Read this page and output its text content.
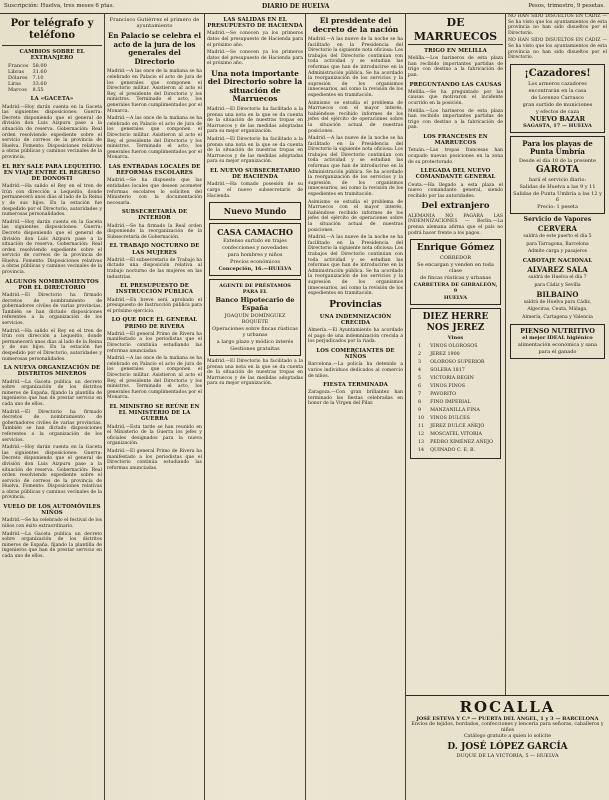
Suscripción: Huelva, tres meses 6 ptas.	DIARIO DE HUELVA	Pesos, trimestre, 9 pesetas.
Por telégrafo y teléfono
CAMBIOS SOBRE EL EXTRANJERO
Francos	58.00
Libras	31.60
Dólares	7.10
Liras	33.60
Marcos	8.55
LA «GACETA»

Madrid.—Hoy darán cuenta en la Gaceta las siguientes disposiciones: Guerra: Decreto disponiendo que el general de división don Luis Aizpuru pase a la situación de reserva. Gobernación: Real orden resolviendo expediente sobre el servicio de correos de la provincia de Huelva. Fomento: Disposiciones relativas a obras públicas y caminos vecinales de la provincia.

EL REY SALE PARA LEQUEITIO. EN VIAJE ENTRE EL REGRESO DE DONOSTI

Madrid.—Ha salido el Rey en el tren de Irún con dirección a Lequeitio, donde permanecerá unos días al lado de la Reina y de sus hijos. En la estación fue despedido por el Directorio, autoridades y numerosas personalidades.

Madrid.—Hoy darán cuenta en la Gaceta las siguientes disposiciones: Guerra: Decreto disponiendo que el general de división don Luis Aizpuru pase a la situación de reserva. Gobernación: Real orden resolviendo expediente sobre el servicio de correos de la provincia de Huelva. Fomento: Disposiciones relativas a obras públicas y caminos vecinales de la provincia.

ALGUNOS NOMBRAMIENTOS POR EL DIRECTORIO

Madrid.—El Directorio ha firmado decretos de nombramiento de gobernadores civiles de varias provincias. También se han dictado disposiciones referentes a la organización de los servicios.

Madrid.—Ha salido el Rey en el tren de Irún con dirección a Lequeitio, donde permanecerá unos días al lado de la Reina y de sus hijos. En la estación fue despedido por el Directorio, autoridades y numerosas personalidades.

LA NUEVA ORGANIZACIÓN DE DISTRITOS MINEROS

Madrid.—La Gaceta publica un decreto sobre organización de los distritos mineros de España, fijando la plantilla de ingenieros que han de prestar servicio en cada uno de ellos.

Madrid.—El Directorio ha firmado decretos de nombramiento de gobernadores civiles de varias provincias. También se han dictado disposiciones referentes a la organización de los servicios.

Madrid.—Hoy darán cuenta en la Gaceta las siguientes disposiciones: Guerra: Decreto disponiendo que el general de división don Luis Aizpuru pase a la situación de reserva. Gobernación: Real orden resolviendo expediente sobre el servicio de correos de la provincia de Huelva. Fomento: Disposiciones relativas a obras públicas y caminos vecinales de la provincia.

VUELO DE LOS AUTOMÓVILES NIÑOS

Madrid.—Se ha celebrado el festival de los niños con éxito extraordinario.

Madrid.—La Gaceta publica un decreto sobre organización de los distritos mineros de España, fijando la plantilla de ingenieros que han de prestar servicio en cada uno de ellos.

Francisco Gutiérrez el primero de ayuntamiento
En Palacio se celebra el acto de la jura de los generales del Directorio

Madrid.—A las once de la mañana se ha celebrado en Palacio el acto de jura de los generales que componen el Directorio militar. Asistieron al acto el Rey, el presidente del Directorio y los ministros. Terminado el acto, los generales fueron cumplimentados por el Monarca.

Madrid.—A las once de la mañana se ha celebrado en Palacio el acto de jura de los generales que componen el Directorio militar. Asistieron al acto el Rey, el presidente del Directorio y los ministros. Terminado el acto, los generales fueron cumplimentados por el Monarca.

LAS ENTRADAS LOCALES DE REFORMAS ESCOLARES

Madrid.—Se ha dispuesto que las entidades locales que deseen acometer reformas escolares lo soliciten del Ministerio con la documentación necesaria.

SUBSECRETARÍA DE INTERIOR

Madrid.—Se ha firmado la Real orden disponiendo la reorganización de la Subsecretaría de Gobernación.

EL TRABAJO NOCTURNO DE LAS MUJERES

Madrid.—El subsecretario de Trabajo ha dictado una disposición relativa al trabajo nocturno de las mujeres en las industrias.

EL PRESUPUESTO DE INSTRUCCIÓN PÚBLICA

Madrid.—En breve será aprobado el presupuesto de Instrucción pública para el próximo ejercicio.

LO QUE DICE EL GENERAL PRIMO DE RIVERA

Madrid.—El general Primo de Rivera ha manifestado a los periodistas que el Directorio continúa estudiando las reformas anunciadas.

Madrid.—A las once de la mañana se ha celebrado en Palacio el acto de jura de los generales que componen el Directorio militar. Asistieron al acto el Rey, el presidente del Directorio y los ministros. Terminado el acto, los generales fueron cumplimentados por el Monarca.

EL MINISTRO SE REÚNE EN EL MINISTERIO DE LA GUERRA

Madrid.—Esta tarde se han reunido en el Ministerio de la Guerra los jefes y oficiales designados para la nueva organización.

Madrid.—El general Primo de Rivera ha manifestado a los periodistas que el Directorio continúa estudiando las reformas anunciadas.

LAS SALIDAS EN EL PRESUPUESTO DE HACIENDA

Madrid.—Se conocen ya los primeros datos del presupuesto de Hacienda para el próximo año.

Madrid.—Se conocen ya los primeros datos del presupuesto de Hacienda para el próximo año.

Una nota importante del Directorio sobre la situación de Marruecos

Madrid.—El Directorio ha facilitado a la prensa una nota en la que se da cuenta de la situación de nuestras tropas en Marruecos y de las medidas adoptadas para su mejor organización.

Madrid.—El Directorio ha facilitado a la prensa una nota en la que se da cuenta de la situación de nuestras tropas en Marruecos y de las medidas adoptadas para su mejor organización.

EL NUEVO SUBSECRETARIO DE HACIENDA

Madrid.—Ha tomado posesión de su cargo el nuevo subsecretario de Hacienda.

Nuevo Mundo
CASA CAMACHO
Extenso surtido en trajes
confecciones y novedades
para hombres y niños
Precios económicos
Concepción, 16.—HUELVA
AGENTE DE PRÉSTAMOS PARA EL
Banco Hipotecario de España
JOAQUÍN DOMÍNGUEZ ROQUETE
Operaciones sobre fincas rústicas y urbanas
a largo plazo y módico interés
Gestiones gratuitas

Madrid.—El Directorio ha facilitado a la prensa una nota en la que se da cuenta de la situación de nuestras tropas en Marruecos y de las medidas adoptadas para su mejor organización.

El presidente del decreto de la nación

Madrid.—A las nueve de la noche se ha facilitado en la Presidencia del Directorio la siguiente nota oficiosa: Los trabajos del Directorio continúan con toda actividad y se estudian las reformas que han de introducirse en la Administración pública. Se ha acordado la reorganización de los servicios y la supresión de los organismos innecesarios, así como la revisión de los expedientes en tramitación.

Asimismo se estudia el problema de Marruecos con el mayor interés, habiéndose recibido informes de los jefes del ejército de operaciones sobre la situación actual de nuestras posiciones.

Madrid.—A las nueve de la noche se ha facilitado en la Presidencia del Directorio la siguiente nota oficiosa: Los trabajos del Directorio continúan con toda actividad y se estudian las reformas que han de introducirse en la Administración pública. Se ha acordado la reorganización de los servicios y la supresión de los organismos innecesarios, así como la revisión de los expedientes en tramitación.

Asimismo se estudia el problema de Marruecos con el mayor interés, habiéndose recibido informes de los jefes del ejército de operaciones sobre la situación actual de nuestras posiciones.

Madrid.—A las nueve de la noche se ha facilitado en la Presidencia del Directorio la siguiente nota oficiosa: Los trabajos del Directorio continúan con toda actividad y se estudian las reformas que han de introducirse en la Administración pública. Se ha acordado la reorganización de los servicios y la supresión de los organismos innecesarios, así como la revisión de los expedientes en tramitación.

Provincias
UNA INDEMNIZACIÓN CRECIDA

Almería.—El Ayuntamiento ha acordado el pago de una indemnización crecida a los perjudicados por la riada.

LOS COMERCIANTES DE NIÑOS

Barcelona.—La policía ha detenido a varios individuos dedicados al comercio de niños.

FIESTA TERMINADA

Zaragoza.—Con gran brillantez han terminado las fiestas celebradas en honor de la Virgen del Pilar.

DE MARRUECOS
TRIGO EN MELILLA

Melilla.—Los harineros de esta plaza han recibido importantes partidas de trigo con destino a la fabricación de pan.

PREGUNTANDO LAS CAUSAS

Melilla.—Se ha preguntado por las causas que motivaron el incidente ocurrido en la posición.

Melilla.—Los harineros de esta plaza han recibido importantes partidas de trigo con destino a la fabricación de pan.

LOS FRANCESES EN MARRUECOS

Tetuán.—Las tropas francesas han ocupado nuevas posiciones en la zona de su protectorado.

LLEGADA DEL NUEVO COMANDANTE GENERAL

Ceuta.—Ha llegado a esta plaza el nuevo comandante general, siendo recibido por las autoridades.

Del extranjero

ALEMANIA NO PAGARÁ LAS INDEMNIZACIONES — Berlín.—La prensa alemana afirma que el país no podrá hacer frente a los pagos.

Enrique Gómez
CORREDOR
Se encargan y venden en toda clase
de fincas rústicas y urbanas
CARRETERA DE GIBRALEÓN, 9
HUELVA
DIEZ HERRE NOS JEREZ
Vinos
1	VINOS OLOROSOS
2	JEREZ 1900
3	OLOROSO SUPERIOR
4	SOLERA 1817
5	VICTORIA REGIN
6	VINOS FINOS
7	PAVORITO
8	FINO IMPERIAL
9	MANZANILLA FINA
10	VINOS DULCES
11	JEREZ DULCE AÑEJO
12	MOSCATEL VITORIA
13	PEDRO XIMÉNEZ AÑEJO
14	QUINADO C. E. B.

NO HAN SIDO DISUELTOS EN CÁDIZ — Se ha visto que los ayuntamientos de esta provincia no han sido disueltos por el Directorio.

NO HAN SIDO DISUELTOS EN CÁDIZ — Se ha visto que los ayuntamientos de esta provincia no han sido disueltos por el Directorio.

¡Cazadores!
Los armeros cazadores
encontrarán en la casa
de Lorenzo Carrasco
gran surtido de municiones
y efectos de caza
NUEVO BAZAR
SAGASTA, 17 — HUELVA
Para los playas de Punta Umbría
Desde el día 10 de la presente
GAROTA
hará el servicio diario:
Salidas de Huelva a las 9 y 11
Salidas de Punta Umbría a las 12 y 6
Precio: 1 peseta
Servicio de Vapores
CERVERA

saldrá de este puerto el día 5

para Tarragona, Barcelona

Admite carga y pasajeros

CABOTAJE NACIONAL
ALVAREZ SALA

saldrá de Huelva el día 7

para Cádiz y Sevilla

BILBAINO

saldrá de Huelva para Cádiz,

Algeciras, Ceuta, Málaga,

Almería, Cartagena y Valencia

PIENSO NUTRITIVO
el mejor IDEAL higiénico
alimentación económica y sana
para el ganado
ROCALLA
JOSÉ ESTEVA Y C.ª — PUERTA DEL ÁNGEL, 1 y 3 — BARCELONA
Envíos de tejidos, bordados, confecciones y lencería para señoras, caballeros y niños
Catálogo gratuito a quien lo solicite
D. JOSÉ LÓPEZ GARCÍA
DUQUE DE LA VICTORIA, 5 — HUELVA
